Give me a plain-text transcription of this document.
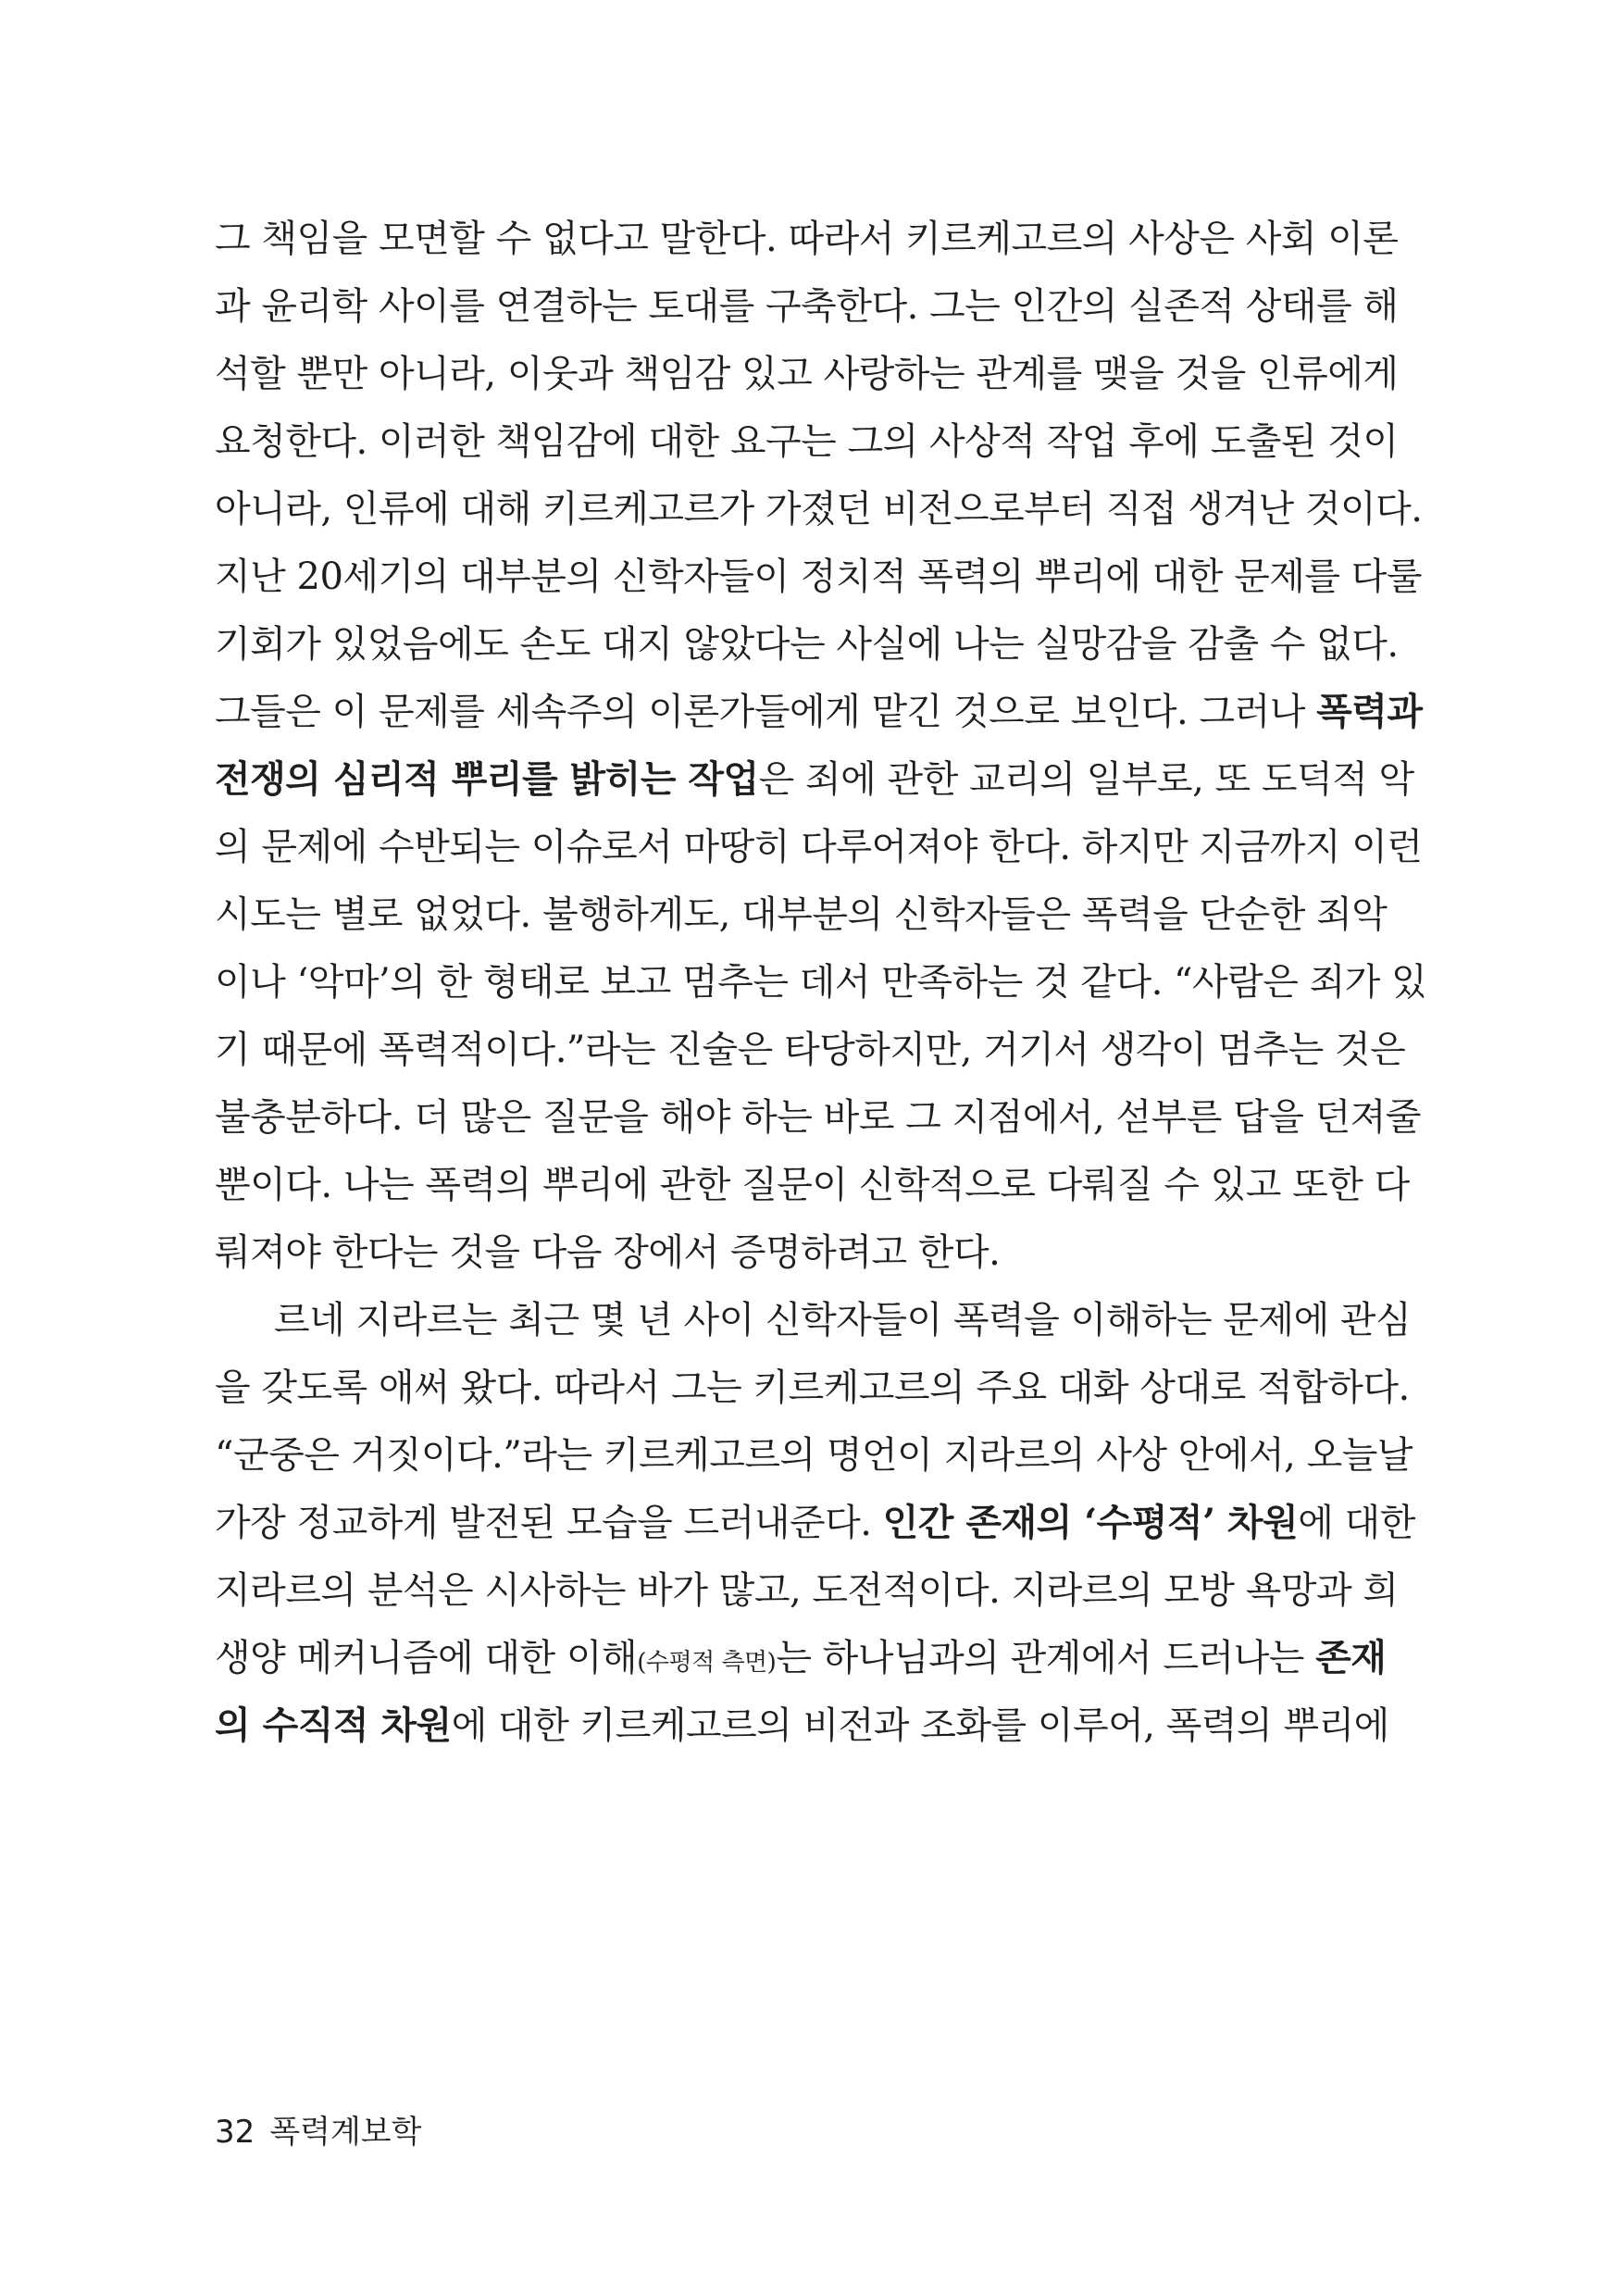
그 책임을 모면할 수 없다고 말한다. 따라서 키르케고르의 사상은 사회 이론
과 윤리학 사이를 연결하는 토대를 구축한다. 그는 인간의 실존적 상태를 해
석할 뿐만 아니라, 이웃과 책임감 있고 사랑하는 관계를 맺을 것을 인류에게
요청한다. 이러한 책임감에 대한 요구는 그의 사상적 작업 후에 도출된 것이
아니라, 인류에 대해 키르케고르가 가졌던 비전으로부터 직접 생겨난 것이다.
지난 20세기의 대부분의 신학자들이 정치적 폭력의 뿌리에 대한 문제를 다룰
기회가 있었음에도 손도 대지 않았다는 사실에 나는 실망감을 감출 수 없다.
그들은 이 문제를 세속주의 이론가들에게 맡긴 것으로 보인다. 그러나 폭력과
전쟁의 심리적 뿌리를 밝히는 작업은 죄에 관한 교리의 일부로, 또 도덕적 악
의 문제에 수반되는 이슈로서 마땅히 다루어져야 한다. 하지만 지금까지 이런
시도는 별로 없었다. 불행하게도, 대부분의 신학자들은 폭력을 단순한 죄악
이나 ‘악마’의 한 형태로 보고 멈추는 데서 만족하는 것 같다. “사람은 죄가 있
기 때문에 폭력적이다.”라는 진술은 타당하지만, 거기서 생각이 멈추는 것은
불충분하다. 더 많은 질문을 해야 하는 바로 그 지점에서, 섣부른 답을 던져줄
뿐이다. 나는 폭력의 뿌리에 관한 질문이 신학적으로 다뤄질 수 있고 또한 다
뤄져야 한다는 것을 다음 장에서 증명하려고 한다.
르네 지라르는 최근 몇 년 사이 신학자들이 폭력을 이해하는 문제에 관심
을 갖도록 애써 왔다. 따라서 그는 키르케고르의 주요 대화 상대로 적합하다.
“군중은 거짓이다.”라는 키르케고르의 명언이 지라르의 사상 안에서, 오늘날
가장 정교하게 발전된 모습을 드러내준다. 인간 존재의 ‘수평적’ 차원에 대한
지라르의 분석은 시사하는 바가 많고, 도전적이다. 지라르의 모방 욕망과 희
생양 메커니즘에 대한 이해(수평적 측면)는 하나님과의 관계에서 드러나는 존재
의 수직적 차원에 대한 키르케고르의 비전과 조화를 이루어, 폭력의 뿌리에
32 폭력계보학
